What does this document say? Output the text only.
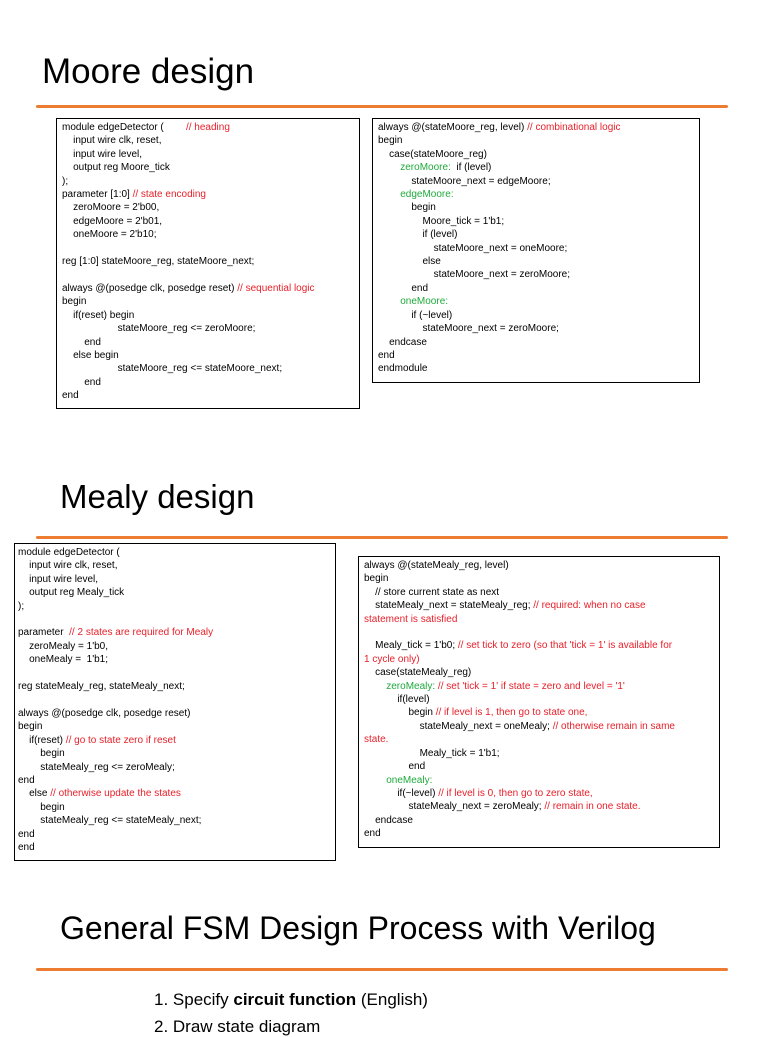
Moore design
module edgeDetector (        // heading
input wire clk, reset,
input wire level,
output reg Moore_tick
);
parameter [1:0] // state encoding
zeroMoore = 2'b00,
edgeMoore = 2'b01,
oneMoore = 2'b10;

reg [1:0] stateMoore_reg, stateMoore_next;

always @(posedge clk, posedge reset) // sequential logic
begin
if(reset) begin
stateMoore_reg <= zeroMoore;
end
else begin
stateMoore_reg <= stateMoore_next;
end
end
always @(stateMoore_reg, level) // combinational logic
begin
case(stateMoore_reg)
zeroMoore:  if (level)
stateMoore_next = edgeMoore;
edgeMoore:
begin
Moore_tick = 1'b1;
if (level)
stateMoore_next = oneMoore;
else
stateMoore_next = zeroMoore;
end
oneMoore:
if (~level)
stateMoore_next = zeroMoore;
endcase
end
endmodule
Mealy design
module edgeDetector (
input wire clk, reset,
input wire level,
output reg Mealy_tick
);

parameter  // 2 states are required for Mealy
zeroMealy = 1'b0,
oneMealy =  1'b1;

reg stateMealy_reg, stateMealy_next;

always @(posedge clk, posedge reset)
begin
if(reset) // go to state zero if reset
begin
stateMealy_reg <= zeroMealy;
end
else // otherwise update the states
begin
stateMealy_reg <= stateMealy_next;
end
end
always @(stateMealy_reg, level)
begin
// store current state as next
stateMealy_next = stateMealy_reg; // required: when no case
statement is satisfied

Mealy_tick = 1'b0; // set tick to zero (so that 'tick = 1' is available for
1 cycle only)
case(stateMealy_reg)
zeroMealy: // set 'tick = 1' if state = zero and level = '1'
if(level)
begin // if level is 1, then go to state one,
stateMealy_next = oneMealy; // otherwise remain in same
state.
Mealy_tick = 1'b1;
end
oneMealy:
if(~level) // if level is 0, then go to zero state,
stateMealy_next = zeroMealy; // remain in one state.
endcase
end
General FSM Design Process with Verilog
1. Specify circuit function (English)
2. Draw state diagram
